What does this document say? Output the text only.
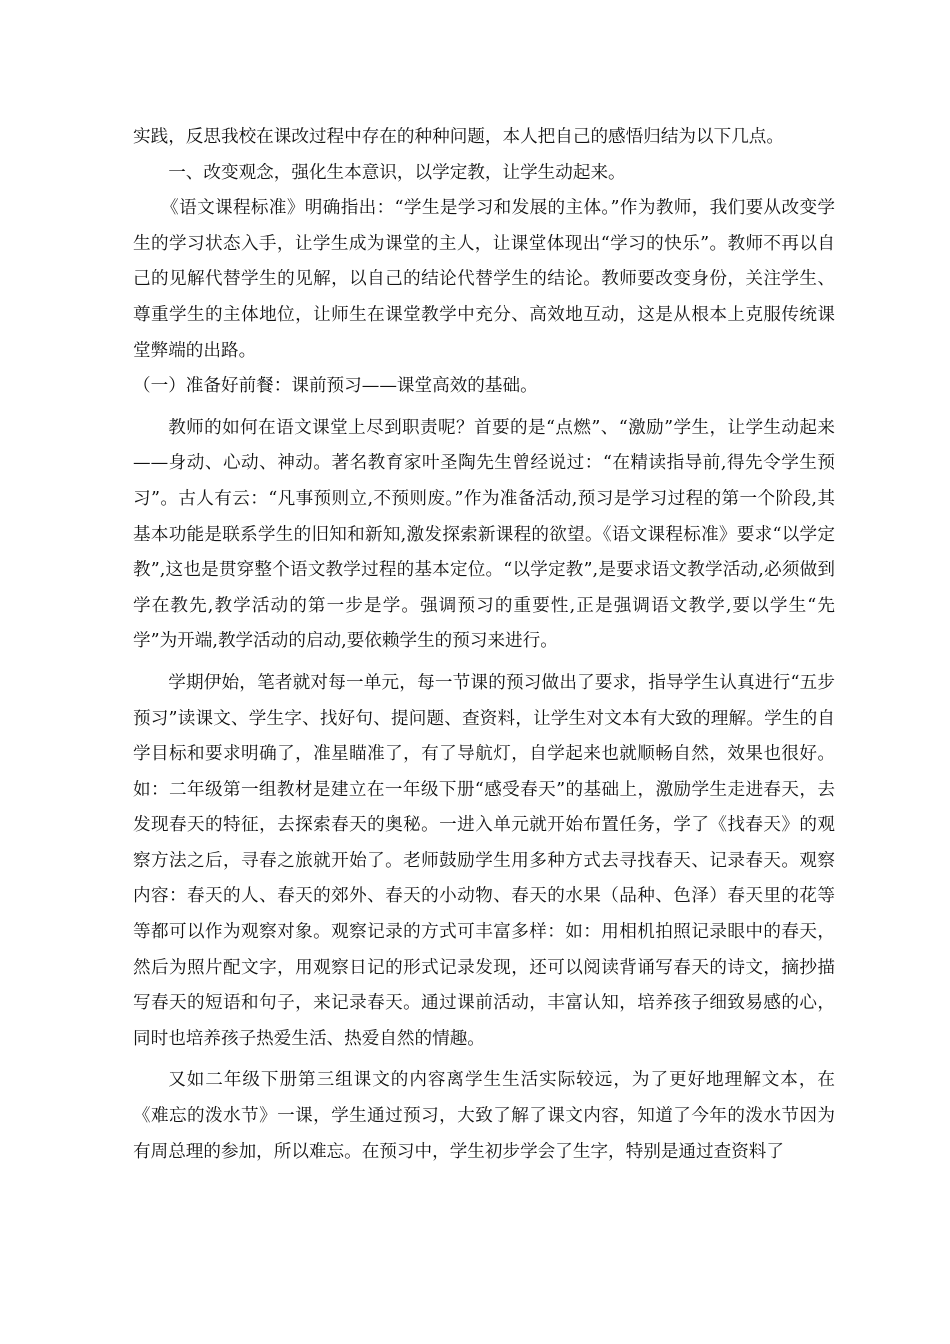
实践，反思我校在课改过程中存在的种种问题，本人把自己的感悟归结为以下几点。

一、改变观念，强化生本意识，以学定教，让学生动起来。

《语文课程标准》明确指出：“学生是学习和发展的主体。”作为教师，我们要从改变学生的学习状态入手，让学生成为课堂的主人，让课堂体现出“学习的快乐”。教师不再以自己的见解代替学生的见解，以自己的结论代替学生的结论。教师要改变身份，关注学生、尊重学生的主体地位，让师生在课堂教学中充分、高效地互动，这是从根本上克服传统课堂弊端的出路。

（一）准备好前餐：课前预习——课堂高效的基础。

教师的如何在语文课堂上尽到职责呢？首要的是“点燃”、“激励”学生，让学生动起来——身动、心动、神动。著名教育家叶圣陶先生曾经说过：“在精读指导前,得先令学生预习”。古人有云：“凡事预则立,不预则废。”作为准备活动,预习是学习过程的第一个阶段,其基本功能是联系学生的旧知和新知,激发探索新课程的欲望。《语文课程标准》要求“以学定教”,这也是贯穿整个语文教学过程的基本定位。“以学定教”,是要求语文教学活动,必须做到学在教先,教学活动的第一步是学。强调预习的重要性,正是强调语文教学,要以学生“先学”为开端,教学活动的启动,要依赖学生的预习来进行。

学期伊始，笔者就对每一单元，每一节课的预习做出了要求，指导学生认真进行“五步预习”读课文、学生字、找好句、提问题、查资料，让学生对文本有大致的理解。学生的自学目标和要求明确了，准星瞄准了，有了导航灯，自学起来也就顺畅自然，效果也很好。如：二年级第一组教材是建立在一年级下册“感受春天”的基础上，激励学生走进春天，去发现春天的特征，去探索春天的奥秘。一进入单元就开始布置任务，学了《找春天》的观察方法之后，寻春之旅就开始了。老师鼓励学生用多种方式去寻找春天、记录春天。观察内容：春天的人、春天的郊外、春天的小动物、春天的水果（品种、色泽）春天里的花等等都可以作为观察对象。观察记录的方式可丰富多样：如：用相机拍照记录眼中的春天，然后为照片配文字，用观察日记的形式记录发现，还可以阅读背诵写春天的诗文，摘抄描写春天的短语和句子，来记录春天。通过课前活动，丰富认知，培养孩子细致易感的心，同时也培养孩子热爱生活、热爱自然的情趣。

又如二年级下册第三组课文的内容离学生生活实际较远，为了更好地理解文本，在《难忘的泼水节》一课，学生通过预习，大致了解了课文内容，知道了今年的泼水节因为有周总理的参加，所以难忘。在预习中，学生初步学会了生字，特别是通过查资料了
